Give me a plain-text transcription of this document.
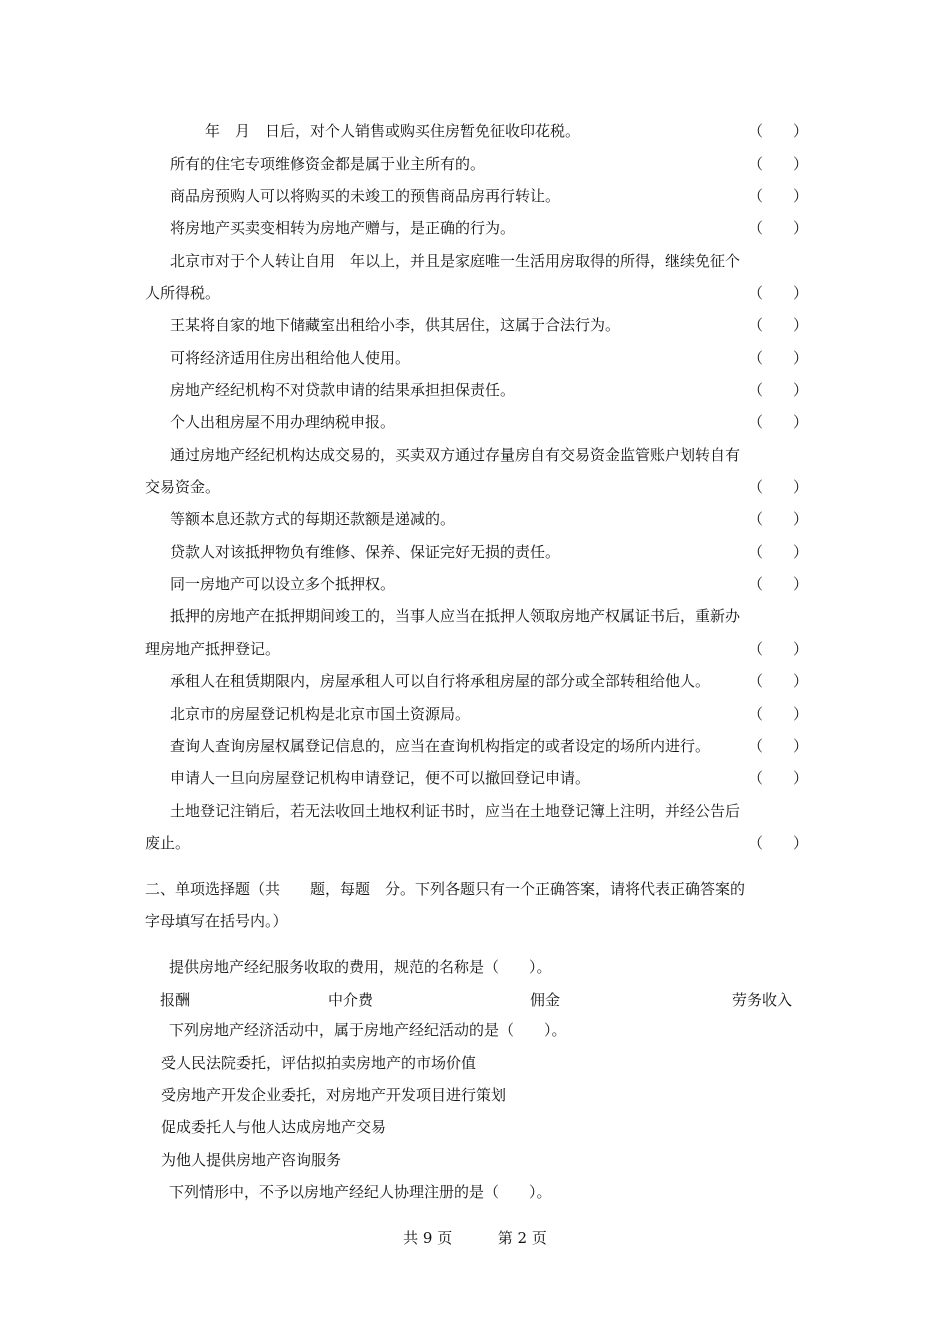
年　月　日后，对个人销售或购买住房暂免征收印花税。	（　　）
所有的住宅专项维修资金都是属于业主所有的。	（　　）
商品房预购人可以将购买的未竣工的预售商品房再行转让。	（　　）
将房地产买卖变相转为房地产赠与，是正确的行为。	（　　）
北京市对于个人转让自用　年以上，并且是家庭唯一生活用房取得的所得，继续免征个
人所得税。	（　　）
王某将自家的地下储藏室出租给小李，供其居住，这属于合法行为。	（　　）
可将经济适用住房出租给他人使用。	（　　）
房地产经纪机构不对贷款申请的结果承担担保责任。	（　　）
个人出租房屋不用办理纳税申报。	（　　）
通过房地产经纪机构达成交易的，买卖双方通过存量房自有交易资金监管账户划转自有
交易资金。	（　　）
等额本息还款方式的每期还款额是递减的。	（　　）
贷款人对该抵押物负有维修、保养、保证完好无损的责任。	（　　）
同一房地产可以设立多个抵押权。	（　　）
抵押的房地产在抵押期间竣工的，当事人应当在抵押人领取房地产权属证书后，重新办
理房地产抵押登记。	（　　）
承租人在租赁期限内，房屋承租人可以自行将承租房屋的部分或全部转租给他人。	（　　）
北京市的房屋登记机构是北京市国土资源局。	（　　）
查询人查询房屋权属登记信息的，应当在查询机构指定的或者设定的场所内进行。	（　　）
申请人一旦向房屋登记机构申请登记，便不可以撤回登记申请。	（　　）
土地登记注销后，若无法收回土地权利证书时，应当在土地登记簿上注明，并经公告后
废止。	（　　）
二、单项选择题（共　　题，每题　分。下列各题只有一个正确答案，请将代表正确答案的
字母填写在括号内。）
提供房地产经纪服务收取的费用，规范的名称是（　　）。
报酬	中介费	佣金	劳务收入
下列房地产经济活动中，属于房地产经纪活动的是（　　）。
受人民法院委托，评估拟拍卖房地产的市场价值
受房地产开发企业委托，对房地产开发项目进行策划
促成委托人与他人达成房地产交易
为他人提供房地产咨询服务
下列情形中，不予以房地产经纪人协理注册的是（　　）。
共 9 页	第 2 页
